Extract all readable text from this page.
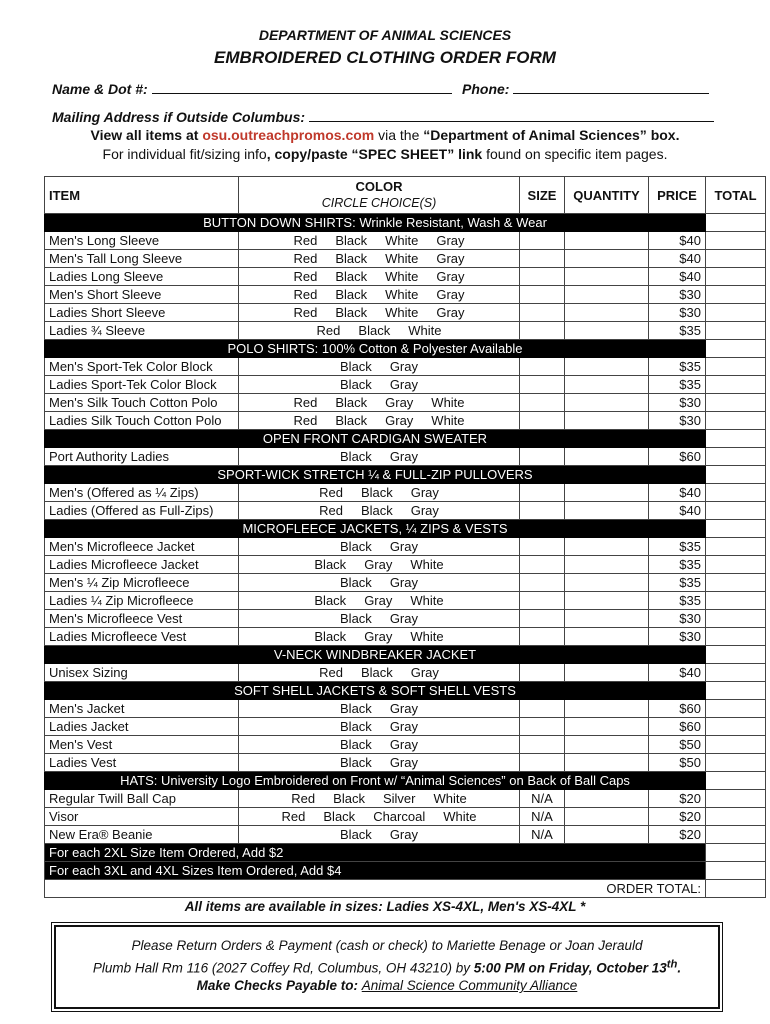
DEPARTMENT OF ANIMAL SCIENCES
EMBROIDERED CLOTHING ORDER FORM
Name & Dot #:	Phone:
Mailing Address if Outside Columbus:
View all items at osu.outreachpromos.com via the “Department of Animal Sciences” box.
For individual fit/sizing info, copy/paste “SPEC SHEET” link found on specific item pages.
ITEM	COLOR
CIRCLE CHOICE(S)	SIZE	QUANTITY	PRICE	TOTAL
BUTTON DOWN SHIRTS: Wrinkle Resistant, Wash & Wear					
Men's Long Sleeve	Red Black White Gray			$40	
Men's Tall Long Sleeve	Red Black White Gray			$40	
Ladies Long Sleeve	Red Black White Gray			$40	
Men's Short Sleeve	Red Black White Gray			$30	
Ladies Short Sleeve	Red Black White Gray			$30	
Ladies ¾ Sleeve	Red Black White			$35	
POLO SHIRTS: 100% Cotton & Polyester Available					
Men's Sport-Tek Color Block	Black Gray			$35	
Ladies Sport-Tek Color Block	Black Gray			$35	
Men's Silk Touch Cotton Polo	Red Black Gray White			$30	
Ladies Silk Touch Cotton Polo	Red Black Gray White			$30	
OPEN FRONT CARDIGAN SWEATER					
Port Authority Ladies	Black Gray			$60	
SPORT-WICK STRETCH ¼ & FULL-ZIP PULLOVERS					
Men's (Offered as ¼ Zips)	Red Black Gray			$40	
Ladies (Offered as Full-Zips)	Red Black Gray			$40	
MICROFLEECE JACKETS, ¼ ZIPS & VESTS					
Men's Microfleece Jacket	Black Gray			$35	
Ladies Microfleece Jacket	Black Gray White			$35	
Men's ¼ Zip Microfleece	Black Gray			$35	
Ladies ¼ Zip Microfleece	Black Gray White			$35	
Men's Microfleece Vest	Black Gray			$30	
Ladies Microfleece Vest	Black Gray White			$30	
V-NECK WINDBREAKER JACKET					
Unisex Sizing	Red Black Gray			$40	
SOFT SHELL JACKETS & SOFT SHELL VESTS					
Men's Jacket	Black Gray			$60	
Ladies Jacket	Black Gray			$60	
Men's Vest	Black Gray			$50	
Ladies Vest	Black Gray			$50	
HATS: University Logo Embroidered on Front w/ “Animal Sciences” on Back of Ball Caps					
Regular Twill Ball Cap	Red Black Silver White	N/A		$20	
Visor	Red Black Charcoal White	N/A		$20	
New Era® Beanie	Black Gray	N/A		$20	
For each 2XL Size Item Ordered, Add $2					
For each 3XL and 4XL Sizes Item Ordered, Add $4					
ORDER TOTAL:					
All items are available in sizes: Ladies XS-4XL, Men's XS-4XL *
Please Return Orders & Payment (cash or check) to Mariette Benage or Joan Jerauld
Plumb Hall Rm 116 (2027 Coffey Rd, Columbus, OH 43210) by 5:00 PM on Friday, October 13th.
Make Checks Payable to: Animal Science Community Alliance
